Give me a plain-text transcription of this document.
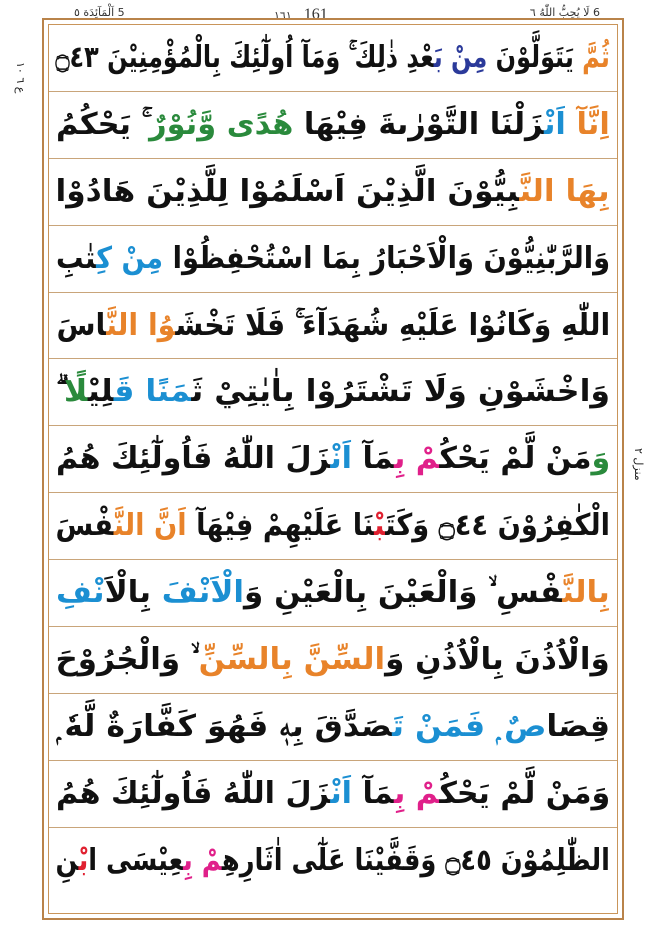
5 اَلْمَآئِدَة ٥	١٦١ 161	6 لَا يُحِبُّ اللّٰهُ ٦
ع ٦ ١٠
منزل ٢
ثُمَّ يَتَوَلَّوْنَ مِنْ بَعْدِ ذٰلِكَ ۚ وَمَآ اُولٰٓئِكَ بِالْمُؤْمِنِيْنَ ۝٤٣
اِنَّآ اَنْزَلْنَا التَّوْرٰىةَ فِيْهَا هُدًى وَّنُوْرٌ ۚ يَحْكُمُ
بِهَا النَّبِيُّوْنَ الَّذِيْنَ اَسْلَمُوْا لِلَّذِيْنَ هَادُوْا
وَالرَّبّٰنِيُّوْنَ وَالْاَحْبَارُ بِمَا اسْتُحْفِظُوْا مِنْ كِتٰبِ
اللّٰهِ وَكَانُوْا عَلَيْهِ شُهَدَآءَ ۚ فَلَا تَخْشَوُا النَّاسَ
وَاخْشَوْنِ وَلَا تَشْتَرُوْا بِاٰيٰتِيْ ثَمَنًا قَلِيْلًا ۗ
وَمَنْ لَّمْ يَحْكُمْ بِمَآ اَنْزَلَ اللّٰهُ فَاُولٰٓئِكَ هُمُ
الْكٰفِرُوْنَ ۝٤٤ وَكَتَبْنَا عَلَيْهِمْ فِيْهَآ اَنَّ النَّفْسَ
بِالنَّفْسِ ۙ وَالْعَيْنَ بِالْعَيْنِ وَالْاَنْفَ بِالْاَنْفِ
وَالْاُذُنَ بِالْاُذُنِ وَالسِّنَّ بِالسِّنِّ ۙ وَالْجُرُوْحَ
قِصَاصٌ ۭ فَمَنْ تَصَدَّقَ بِهٖ فَهُوَ كَفَّارَةٌ لَّهٗ ۭ
وَمَنْ لَّمْ يَحْكُمْ بِمَآ اَنْزَلَ اللّٰهُ فَاُولٰٓئِكَ هُمُ
الظّٰلِمُوْنَ ۝٤٥ وَقَفَّيْنَا عَلٰٓى اٰثَارِهِمْ بِعِيْسَى ابْنِ
